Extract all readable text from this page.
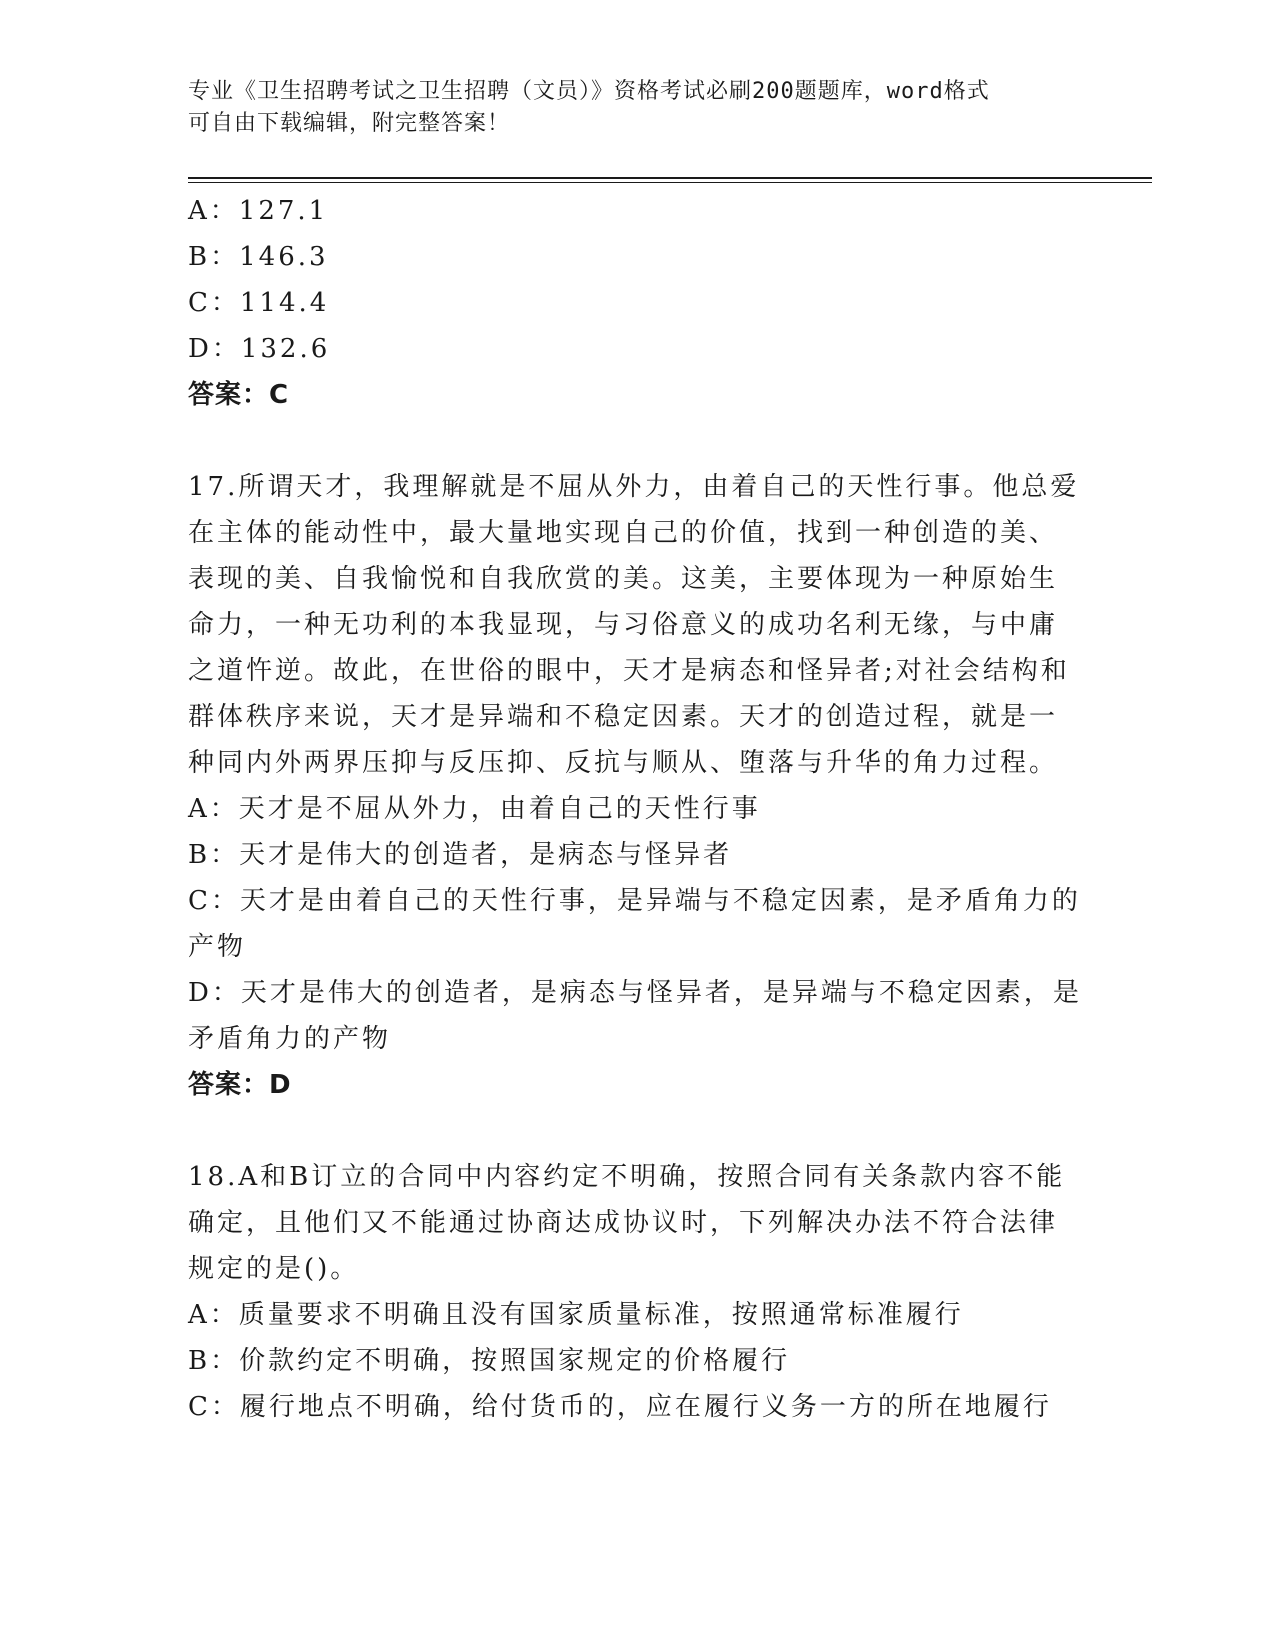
专业《卫生招聘考试之卫生招聘（文员）》资格考试必刷200题题库，word格式
可自由下载编辑，附完整答案！
A：127.1
B：146.3
C：114.4
D：132.6
答案：C
17.所谓天才，我理解就是不屈从外力，由着自己的天性行事。他总爱
在主体的能动性中，最大量地实现自己的价值，找到一种创造的美、
表现的美、自我愉悦和自我欣赏的美。这美，主要体现为一种原始生
命力，一种无功利的本我显现，与习俗意义的成功名利无缘，与中庸
之道忤逆。故此，在世俗的眼中，天才是病态和怪异者;对社会结构和
群体秩序来说，天才是异端和不稳定因素。天才的创造过程，就是一
种同内外两界压抑与反压抑、反抗与顺从、堕落与升华的角力过程。
A：天才是不屈从外力，由着自己的天性行事
B：天才是伟大的创造者，是病态与怪异者
C：天才是由着自己的天性行事，是异端与不稳定因素，是矛盾角力的
产物
D：天才是伟大的创造者，是病态与怪异者，是异端与不稳定因素，是
矛盾角力的产物
答案：D
18.A和B订立的合同中内容约定不明确，按照合同有关条款内容不能
确定，且他们又不能通过协商达成协议时，下列解决办法不符合法律
规定的是()。
A：质量要求不明确且没有国家质量标准，按照通常标准履行
B：价款约定不明确，按照国家规定的价格履行
C：履行地点不明确，给付货币的，应在履行义务一方的所在地履行
